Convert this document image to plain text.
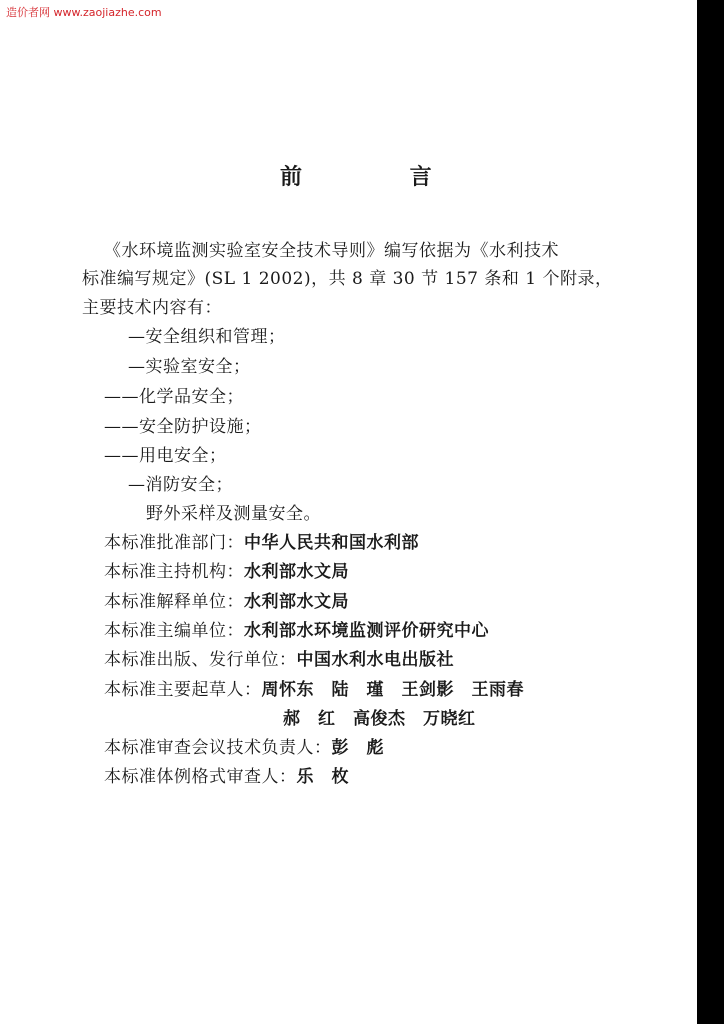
造价者网 www.zaojiazhe.com
前 言
《水环境监测实验室安全技术导则》编写依据为《水利技术
标准编写规定》(SL 1 2002)，共 8 章 30 节 157 条和 1 个附录，
主要技术内容有：
—安全组织和管理；
—实验室安全；
——化学品安全；
——安全防护设施；
——用电安全；
—消防安全；
野外采样及测量安全。
本标准批准部门：中华人民共和国水利部
本标准主持机构：水利部水文局
本标准解释单位：水利部水文局
本标准主编单位：水利部水环境监测评价研究中心
本标准出版、发行单位：中国水利水电出版社
本标准主要起草人：周怀东　陆　瑾　王剑影　王雨春
郝　红　高俊杰　万晓红
本标准审查会议技术负责人：彭　彪
本标准体例格式审查人：乐　枚
